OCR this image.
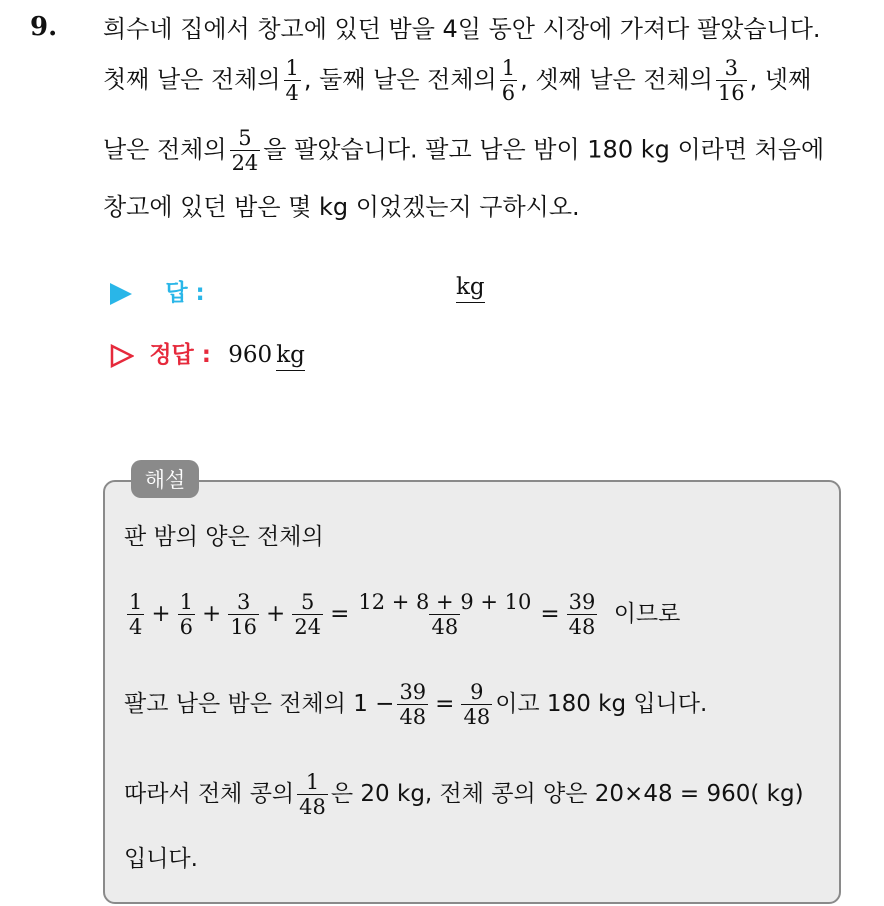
9. 희수네 집에서 창고에 있던 밤을 4일 동안 시장에 가져다 팔았습니다.
첫째 날은 전체의 $\frac{1}{4}$ , 둘째 날은 전체의 $\frac{1}{6}$ , 셋째 날은 전체의 $\frac{3}{16}$ , 넷째
날은 전체의 $\frac{5}{24}$ 을 팔았습니다. 팔고 남은 밤이 180 kg 이라면 처음에
창고에 있던 밤은 몇 kg 이었겠는지 구하시오.
답 :	kg
정답 : 960 kg
해설
판 밤의 양은 전체의
$\frac{1}{4} + \frac{1}{6} + \frac{3}{16} + \frac{5}{24} = \frac{12 + 8 + 9 + 10}{48} = \frac{39}{48}$ 이므로
팔고 남은 밤은 전체의 $1 - \frac{39}{48} = \frac{9}{48}$ 이고 180 kg 입니다.
따라서 전체 콩의 $\frac{1}{48}$ 은 20 kg, 전체 콩의 양은 20×48 = 960( kg)
입니다.
